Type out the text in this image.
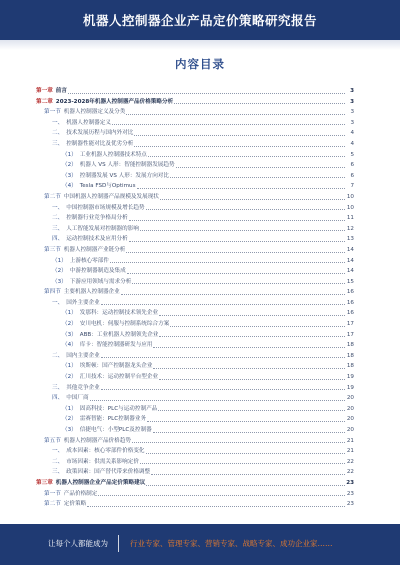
机器人控制器企业产品定价策略研究报告
内容目录
第一章 前言	3
第二章 2023-2028年机器人控制器产品价格策略分析	3
第一节 机器人控制器定义及分类	3
一、 机器人控制器定义	3
二、 技术发展历程与国内外对比	4
三、 控制器性能对比及优劣分析	4
（1） 工业机器人控制器技术特点	5
（2） 机器人 VS 人形：智能控制器发展趋势	6
（3） 控制器发展 VS 人形：发展方向对比	6
（4） Tesla FSD与Optimus	7
第二节 中国机器人控制器产品规模及发展现状	10
一、 中国控制器市场规模及增长趋势	10
二、 控制器行业竞争格局分析	11
三、 人工智能发展对控制器的影响	12
四、 运动控制技术及应用分析	13
第三节 机器人控制器产业链分析	14
（1） 上游核心零部件	14
（2） 中游控制器制造及集成	14
（3） 下游应用领域与需求分析	15
第四节 主要机器人控制器企业	16
一、 国外主要企业	16
（1） 发那科：运动控制技术领先企业	16
（2） 安川电机：伺服与控制系统综合方案	17
（3） ABB：工业机器人控制领先企业	17
（4） 库卡：智能控制器研发与应用	18
二、 国内主要企业	18
（1） 埃斯顿：国产控制器龙头企业	18
（2） 汇川技术：运动控制平台型企业	19
三、 其他竞争企业	19
四、 中国厂商	20
（1） 固高科技：PLC与运动控制产品	20
（2） 雷赛智能：PLC控制器业务	20
（3） 信捷电气：小型PLC及控制器	20
第五节 机器人控制器产品价格趋势	21
一、 成本因素：核心零部件价格变化	21
二、 市场因素：供需关系影响定价	22
三、 政策因素：国产替代带来价格调整	22
第三章 机器人控制器企业产品定价策略建议	23
第一节 产品价格制定	23
第二节 定价策略	23
让每个人都能成为	行业专家、管理专家、营销专家、战略专家、成功企业家……
